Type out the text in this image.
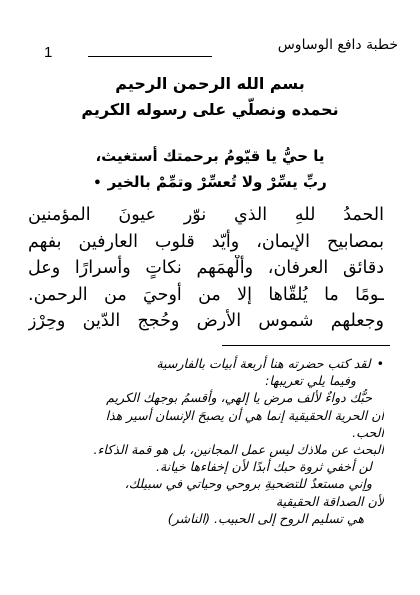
خطبة دافع الوساوس
1
بسم الله الرحمن الرحيم
نحمده ونصلّي على رسوله الكريم
يا حيُّ يا قيّومُ برحمتك أستغيث،
ربِّ يسِّرْ ولا تُعسِّرْ وتمِّمْ بالخير•
الحمدُ للهِ الذي نوّر عيونَ المؤمنين
بمصابيح الإيمان، وأيّد قلوب العارفين بفهم
دقائق العرفان، وألْهمَهم نكاتٍ وأسرارًا وعل
ـومًا ما يُلقّاها إلا من أوحيَ من الرحمن.
وجعلهم شموس الأرض وحُجج الدّين وحِرْز
•لقد كتب حضرته هنا أربعة أبيات بالفارسية
وفيما يلي تعريبها:
حبُّك دواءٌ لألف مرضٍ يا إلهي، وأقسمُ بوجهك الكريم
أن الحرية الحقيقية إنما هي أن يصبحَ الإنسان أسير هذا
الحب.
البحث عن ملاذك ليس عمل المجانين، بل هو قمة الذكاء.
لن أخفي ثروة حبك أبدًا لأن إخفاءها خيانة.
وإني مستعدٌ للتضحيةِ بروحي وحياتي في سبيلك،
لأن الصداقة الحقيقية
هي تسليم الروح إلى الحبيب. (الناشر)
